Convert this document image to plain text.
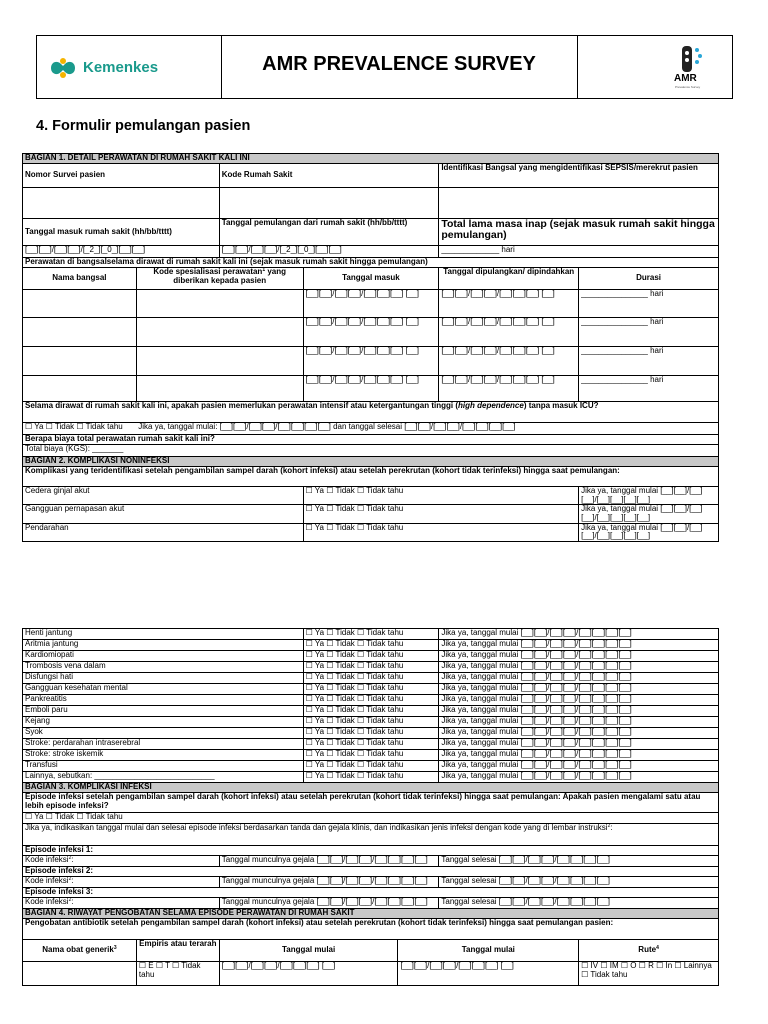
Kemenkes	AMR PREVALENCE SURVEY
AMR
Prevalence Survey
4. Formulir pemulangan pasien
BAGIAN 1. DETAIL PERAWATAN DI RUMAH SAKIT KALI INI					
Nomor Survei pasien		Kode Rumah Sakit		Identifikasi Bangsal yang mengidentifikasi SEPSIS/merekrut pasien	

Tanggal masuk rumah sakit (hh/bb/tttt)		Tanggal pemulangan dari rumah sakit (hh/bb/tttt)		Total lama masa inap (sejak masuk rumah sakit hingga pemulangan)	
[__][__]/[__][__]/[_2_][_0_][__][__]		[__][__]/[__][__]/[_2_][_0_][__][__]		_____________ hari	
Perawatan di bangsalselama dirawat di rumah sakit kali ini (sejak masuk rumah sakit hingga pemulangan)					
Nama bangsal	Kode spesialisasi perawatan$^1$ yang diberikan kepada pasien		Tanggal masuk	Tanggal dipulangkan/ dipindahkan	Durasi
			[__][__]/[__][__]/[__][__][__] [__]	[__][__]/[__][__]/[__][__][__] [__]	_______________ hari
			[__][__]/[__][__]/[__][__][__] [__]	[__][__]/[__][__]/[__][__][__] [__]	_______________ hari
			[__][__]/[__][__]/[__][__][__] [__]	[__][__]/[__][__]/[__][__][__] [__]	_______________ hari
			[__][__]/[__][__]/[__][__][__] [__]	[__][__]/[__][__]/[__][__][__] [__]	_______________ hari
Selama dirawat di rumah sakit kali ini, apakah pasien memerlukan perawatan intensif atau ketergantungan tinggi (high dependence) tanpa masuk ICU?					
☐ Ya ☐ Tidak ☐ Tidak tahu Jika ya, tanggal mulai: [__][__]/[__][__]/[__][__][__][__] dan tanggal selesai [__][__]/[__][__]/[__][__][__][__]					
Berapa biaya total perawatan rumah sakit kali ini?					
Total biaya (KGS): _______					
BAGIAN 2. KOMPLIKASI NONINFEKSI					
Komplikasi yang teridentifikasi setelah pengambilan sampel darah (kohort infeksi) atau setelah perekrutan (kohort tidak terinfeksi) hingga saat pemulangan:					
Cedera ginjal akut			☐ Ya ☐ Tidak ☐ Tidak tahu		Jika ya, tanggal mulai [__][__]/[__][__]/[__][__][__][__]
Gangguan pernapasan akut			☐ Ya ☐ Tidak ☐ Tidak tahu		Jika ya, tanggal mulai [__][__]/[__][__]/[__][__][__][__]
Pendarahan			☐ Ya ☐ Tidak ☐ Tidak tahu		Jika ya, tanggal mulai [__][__]/[__][__]/[__][__][__][__]
Henti jantung			☐ Ya ☐ Tidak ☐ Tidak tahu		Jika ya, tanggal mulai [__][__]/[__][__]/[__][__][__][__]	
Aritmia jantung			☐ Ya ☐ Tidak ☐ Tidak tahu		Jika ya, tanggal mulai [__][__]/[__][__]/[__][__][__][__]	
Kardiomiopati			☐ Ya ☐ Tidak ☐ Tidak tahu		Jika ya, tanggal mulai [__][__]/[__][__]/[__][__][__][__]	
Trombosis vena dalam			☐ Ya ☐ Tidak ☐ Tidak tahu		Jika ya, tanggal mulai [__][__]/[__][__]/[__][__][__][__]	
Disfungsi hati			☐ Ya ☐ Tidak ☐ Tidak tahu		Jika ya, tanggal mulai [__][__]/[__][__]/[__][__][__][__]	
Gangguan kesehatan mental			☐ Ya ☐ Tidak ☐ Tidak tahu		Jika ya, tanggal mulai [__][__]/[__][__]/[__][__][__][__]	
Pankreatitis			☐ Ya ☐ Tidak ☐ Tidak tahu		Jika ya, tanggal mulai [__][__]/[__][__]/[__][__][__][__]	
Emboli paru			☐ Ya ☐ Tidak ☐ Tidak tahu		Jika ya, tanggal mulai [__][__]/[__][__]/[__][__][__][__]	
Kejang			☐ Ya ☐ Tidak ☐ Tidak tahu		Jika ya, tanggal mulai [__][__]/[__][__]/[__][__][__][__]	
Syok			☐ Ya ☐ Tidak ☐ Tidak tahu		Jika ya, tanggal mulai [__][__]/[__][__]/[__][__][__][__]	
Stroke: perdarahan intraserebral			☐ Ya ☐ Tidak ☐ Tidak tahu		Jika ya, tanggal mulai [__][__]/[__][__]/[__][__][__][__]	
Stroke: stroke iskemik			☐ Ya ☐ Tidak ☐ Tidak tahu		Jika ya, tanggal mulai [__][__]/[__][__]/[__][__][__][__]	
Transfusi			☐ Ya ☐ Tidak ☐ Tidak tahu		Jika ya, tanggal mulai [__][__]/[__][__]/[__][__][__][__]	
Lainnya, sebutkan: ___________________________			☐ Ya ☐ Tidak ☐ Tidak tahu		Jika ya, tanggal mulai [__][__]/[__][__]/[__][__][__][__]	
BAGIAN 3. KOMPLIKASI INFEKSI						
Episode infeksi setelah pengambilan sampel darah (kohort infeksi) atau setelah perekrutan (kohort tidak terinfeksi) hingga saat pemulangan: Apakah pasien mengalami satu atau lebih episode infeksi?						
☐ Ya ☐ Tidak ☐ Tidak tahu						
Jika ya, indikasikan tanggal mulai dan selesai episode infeksi berdasarkan tanda dan gejala klinis, dan indikasikan jenis infeksi dengan kode yang di lembar instruksi$^2$:						
Episode infeksi 1:						
Kode infeksi$^2$:		Tanggal munculnya gejala [__][__]/[__][__]/[__][__][__][__]			Tanggal selesai [__][__]/[__][__]/[__][__][__][__]	
Episode infeksi 2:						
Kode infeksi$^2$:		Tanggal munculnya gejala [__][__]/[__][__]/[__][__][__][__]			Tanggal selesai [__][__]/[__][__]/[__][__][__][__]	
Episode infeksi 3:						
Kode infeksi$^2$:		Tanggal munculnya gejala [__][__]/[__][__]/[__][__][__][__]			Tanggal selesai [__][__]/[__][__]/[__][__][__][__]	
BAGIAN 4. RIWAYAT PENGOBATAN SELAMA EPISODE PERAWATAN DI RUMAH SAKIT						
Pengobatan antibiotik setelah pengambilan sampel darah (kohort infeksi) atau setelah perekrutan (kohort tidak terinfeksi) hingga saat pemulangan pasien:						
Nama obat generik$^3$	Empiris atau terarah	Tanggal mulai		Tanggal mulai		Rute$^4$
	☐ E ☐ T ☐ Tidak tahu	[__][__]/[__][__]/[__][__][__] [__]		[__][__]/[__][__]/[__][__][__] [__]		☐ IV ☐ IM ☐ O ☐ R ☐ In ☐ Lainnya ☐ Tidak tahu
